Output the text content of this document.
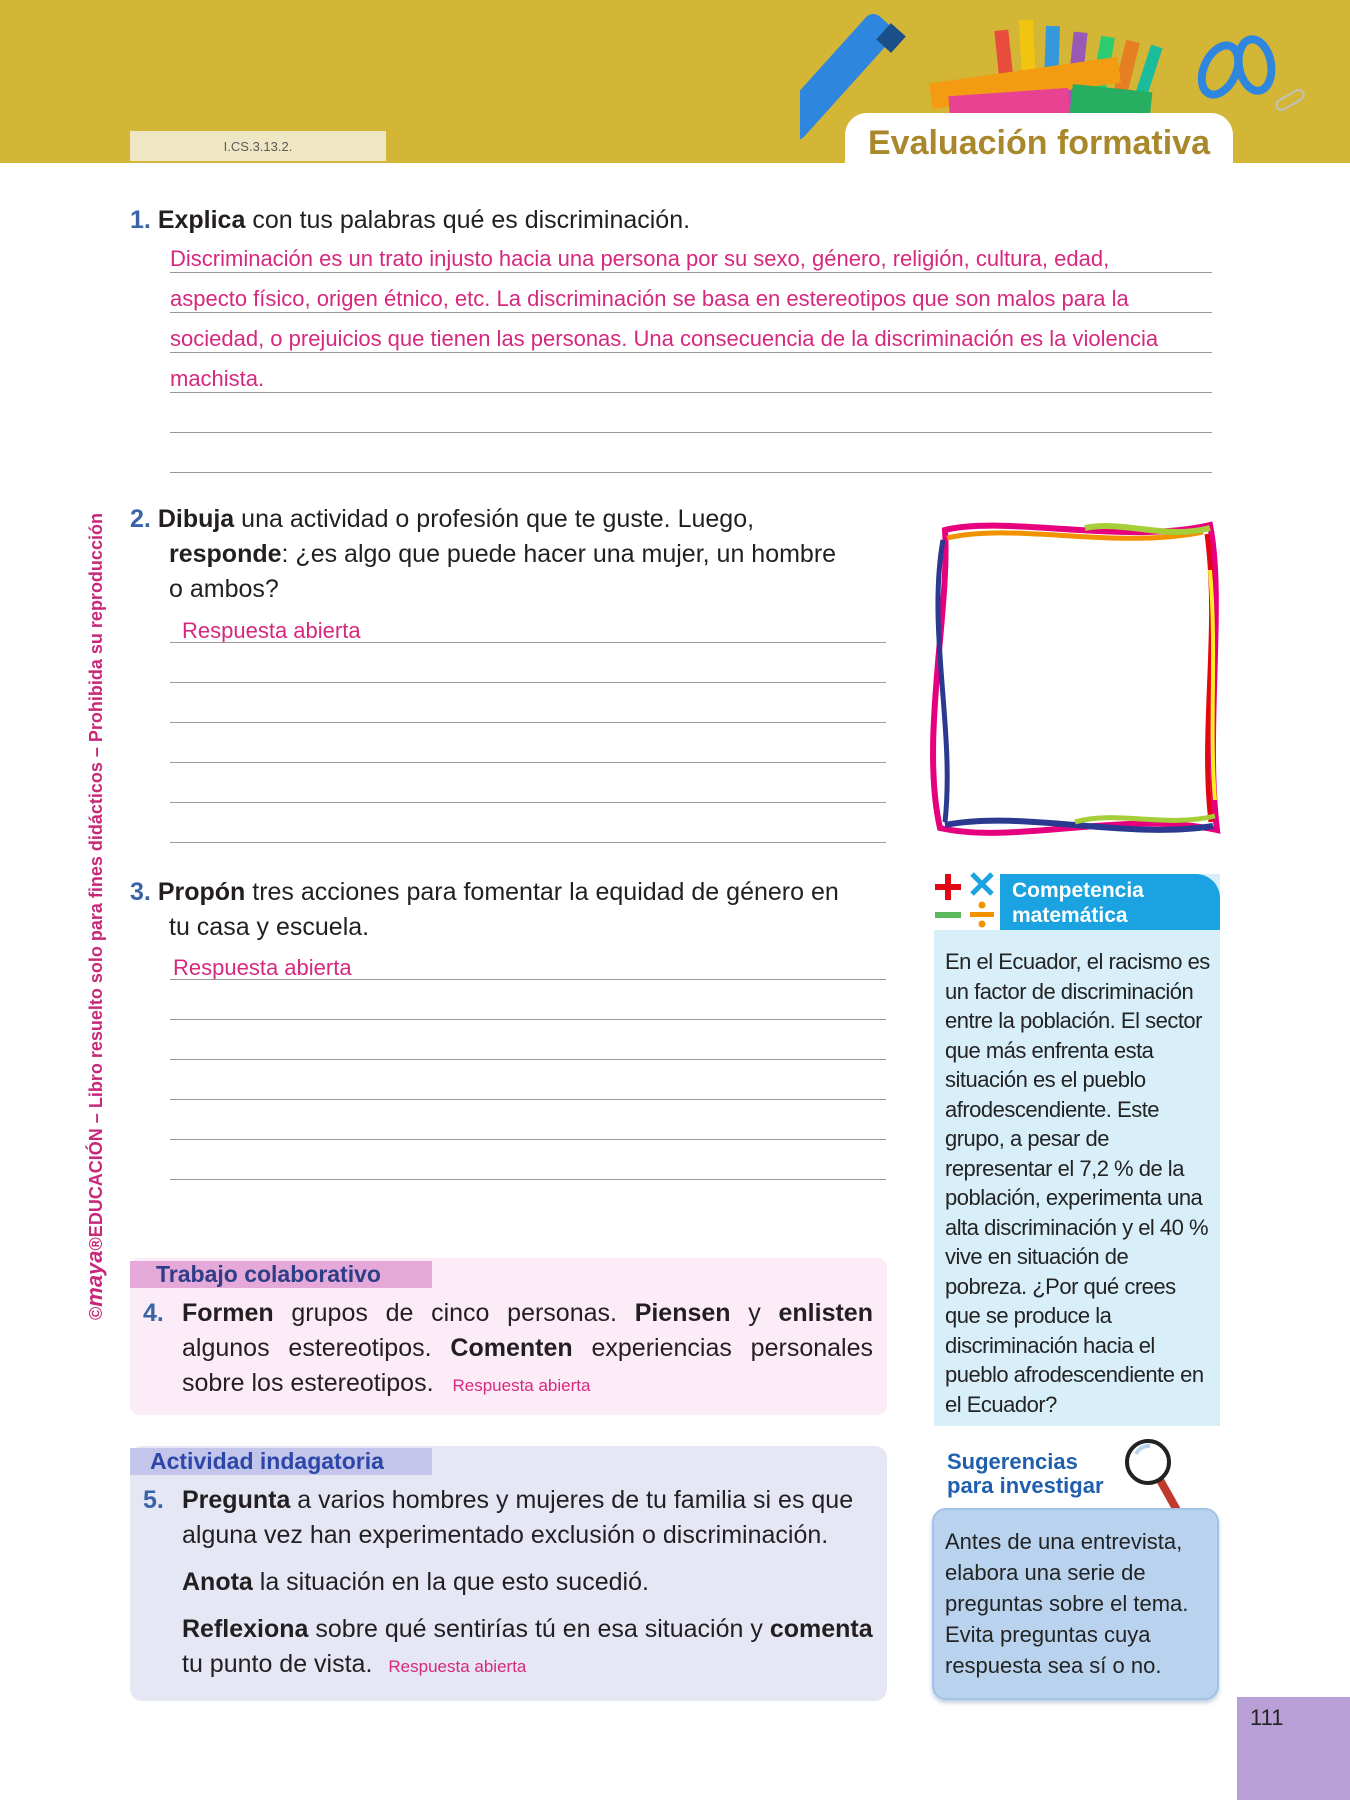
I.CS.3.13.2.	Evaluación formativa
©maya®EDUCACIÓN – Libro resuelto solo para fines didácticos – Prohibida su reproducción
1. Explica con tus palabras qué es discriminación.
Discriminación es un trato injusto hacia una persona por su sexo, género, religión, cultura, edad,
aspecto físico, origen étnico, etc. La discriminación se basa en estereotipos que son malos para la
sociedad, o prejuicios que tienen las personas. Una consecuencia de la discriminación es la violencia
machista.
2. Dibuja una actividad o profesión que te guste. Luego,
responde: ¿es algo que puede hacer una mujer, un hombre
o ambos?
Respuesta abierta
3. Propón tres acciones para fomentar la equidad de género en
tu casa y escuela.
Respuesta abierta
Trabajo colaborativo
4. Formen grupos de cinco personas. Piensen y enlisten algunos estereotipos. Comenten experiencias personales sobre los estereotipos. Respuesta abierta
Actividad indagatoria
5. Pregunta a varios hombres y mujeres de tu familia si es que alguna vez han experimentado exclusión o discriminación.
Anota la situación en la que esto sucedió.
Reflexiona sobre qué sentirías tú en esa situación y comenta tu punto de vista. Respuesta abierta
Competencia
matemática
En el Ecuador, el racismo es un factor de discriminación entre la población. El sector que más enfrenta esta situación es el pueblo afrodescendiente. Este grupo, a pesar de representar el 7,2 % de la población, experimenta una alta discriminación y el 40 % vive en situación de pobreza. ¿Por qué crees que se produce la discriminación hacia el pueblo afrodescendiente en el Ecuador?
Sugerencias
para investigar
Antes de una entrevista, elabora una serie de preguntas sobre el tema. Evita preguntas cuya respuesta sea sí o no.
111
